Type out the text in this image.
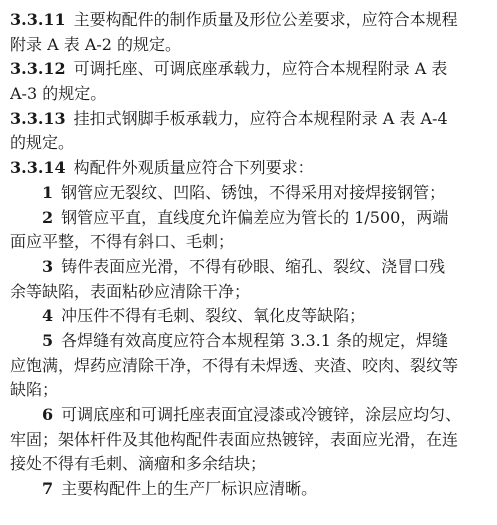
3.3.11 主要构配件的制作质量及形位公差要求，应符合本规程
附录 A 表 A-2 的规定。
3.3.12 可调托座、可调底座承载力，应符合本规程附录 A 表
A-3 的规定。
3.3.13 挂扣式钢脚手板承载力，应符合本规程附录 A 表 A-4
的规定。
3.3.14 构配件外观质量应符合下列要求：
1 钢管应无裂纹、凹陷、锈蚀，不得采用对接焊接钢管；
2 钢管应平直，直线度允许偏差应为管长的 1/500，两端
面应平整，不得有斜口、毛刺；
3 铸件表面应光滑，不得有砂眼、缩孔、裂纹、浇冒口残
余等缺陷，表面粘砂应清除干净；
4 冲压件不得有毛刺、裂纹、氧化皮等缺陷；
5 各焊缝有效高度应符合本规程第 3.3.1 条的规定，焊缝
应饱满，焊药应清除干净，不得有未焊透、夹渣、咬肉、裂纹等
缺陷；
6 可调底座和可调托座表面宜浸漆或冷镀锌，涂层应均匀、
牢固；架体杆件及其他构配件表面应热镀锌，表面应光滑，在连
接处不得有毛刺、滴瘤和多余结块；
7 主要构配件上的生产厂标识应清晰。
